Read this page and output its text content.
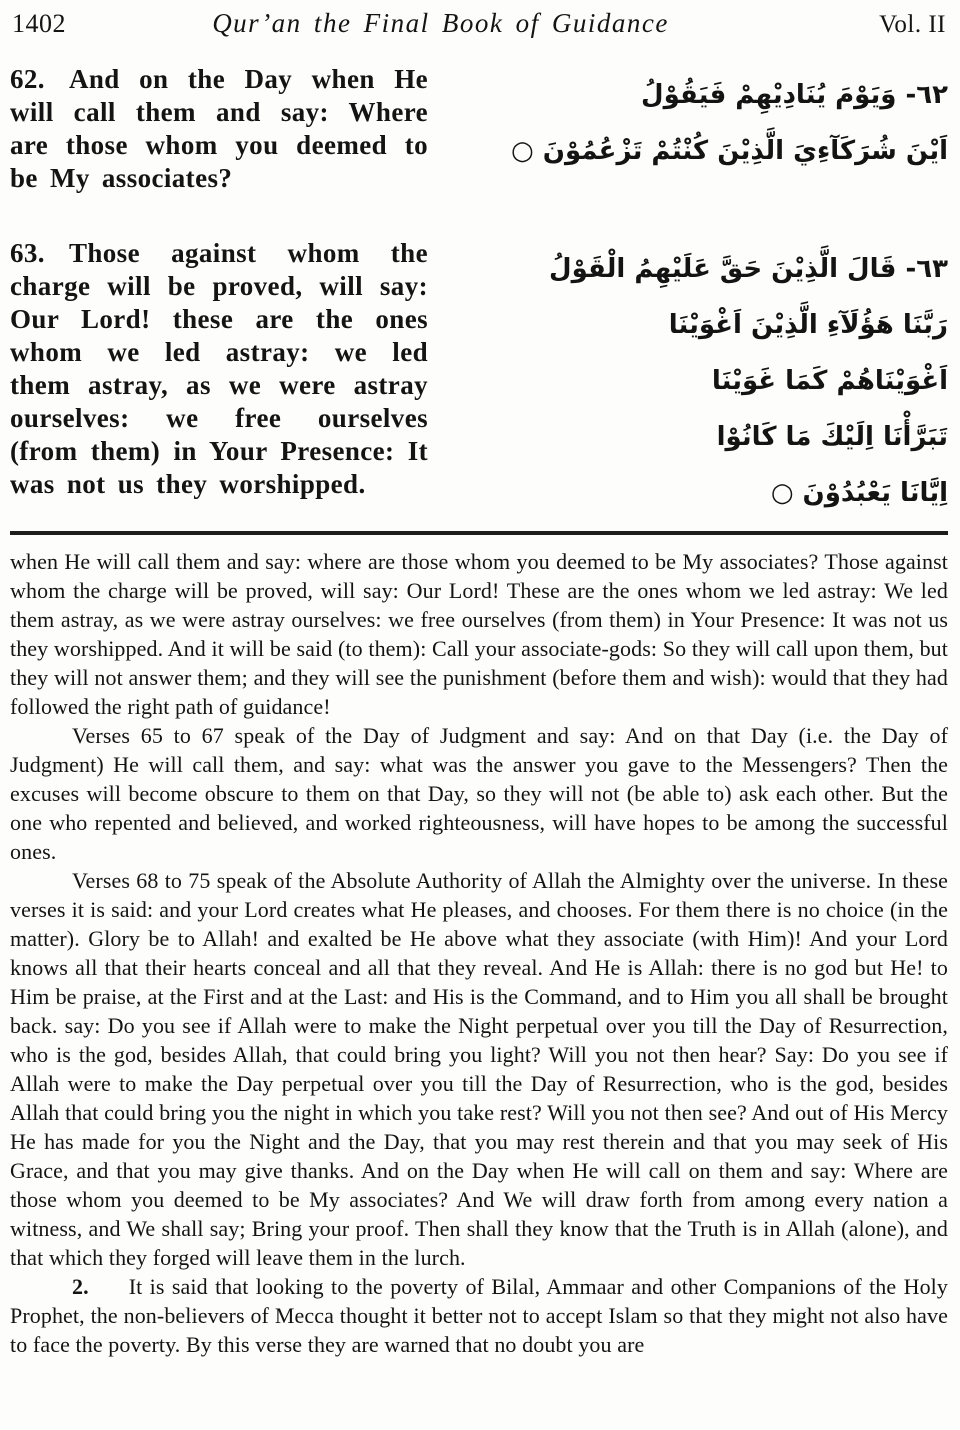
1402	Qur’an the Final Book of Guidance	Vol. II

62. And on the Day when He will call them and say: Where are those whom you deemed to be My associates?

٦٢- وَيَوْمَ يُنَادِيْهِمْ فَيَقُوْلُ
اَيْنَ شُرَكَآءِيَ الَّذِيْنَ كُنْتُمْ تَزْعُمُوْنَ ○

63. Those against whom the charge will be proved, will say: Our Lord! these are the ones whom we led astray: we led them astray, as we were astray ourselves: we free ourselves (from them) in Your Presence: It was not us they worshipped.

٦٣- قَالَ الَّذِيْنَ حَقَّ عَلَيْهِمُ الْقَوْلُ
رَبَّنَا هَؤُلَآءِ الَّذِيْنَ اَغْوَيْنَا
اَغْوَيْنَاهُمْ كَمَا غَوَيْنَا
تَبَرَّأْنَا اِلَيْكَ مَا كَانُوْا
اِيَّانَا يَعْبُدُوْنَ ○

when He will call them and say: where are those whom you deemed to be My associates? Those against whom the charge will be proved, will say: Our Lord! These are the ones whom we led astray: We led them astray, as we were astray ourselves: we free ourselves (from them) in Your Presence: It was not us they worshipped. And it will be said (to them): Call your associate-gods: So they will call upon them, but they will not answer them; and they will see the punishment (before them and wish): would that they had followed the right path of guidance!

Verses 65 to 67 speak of the Day of Judgment and say: And on that Day (i.e. the Day of Judgment) He will call them, and say: what was the answer you gave to the Messengers? Then the excuses will become obscure to them on that Day, so they will not (be able to) ask each other. But the one who repented and believed, and worked righteousness, will have hopes to be among the successful ones.

Verses 68 to 75 speak of the Absolute Authority of Allah the Almighty over the universe. In these verses it is said: and your Lord creates what He pleases, and chooses. For them there is no choice (in the matter). Glory be to Allah! and exalted be He above what they associate (with Him)! And your Lord knows all that their hearts conceal and all that they reveal. And He is Allah: there is no god but He! to Him be praise, at the First and at the Last: and His is the Command, and to Him you all shall be brought back. say: Do you see if Allah were to make the Night perpetual over you till the Day of Resurrection, who is the god, besides Allah, that could bring you light? Will you not then hear? Say: Do you see if Allah were to make the Day perpetual over you till the Day of Resurrection, who is the god, besides Allah that could bring you the night in which you take rest? Will you not then see? And out of His Mercy He has made for you the Night and the Day, that you may rest therein and that you may seek of His Grace, and that you may give thanks. And on the Day when He will call on them and say: Where are those whom you deemed to be My associates? And We will draw forth from among every nation a witness, and We shall say; Bring your proof. Then shall they know that the Truth is in Allah (alone), and that which they forged will leave them in the lurch.

2. It is said that looking to the poverty of Bilal, Ammaar and other Companions of the Holy Prophet, the non-believers of Mecca thought it better not to accept Islam so that they might not also have to face the poverty. By this verse they are warned that no doubt you are
